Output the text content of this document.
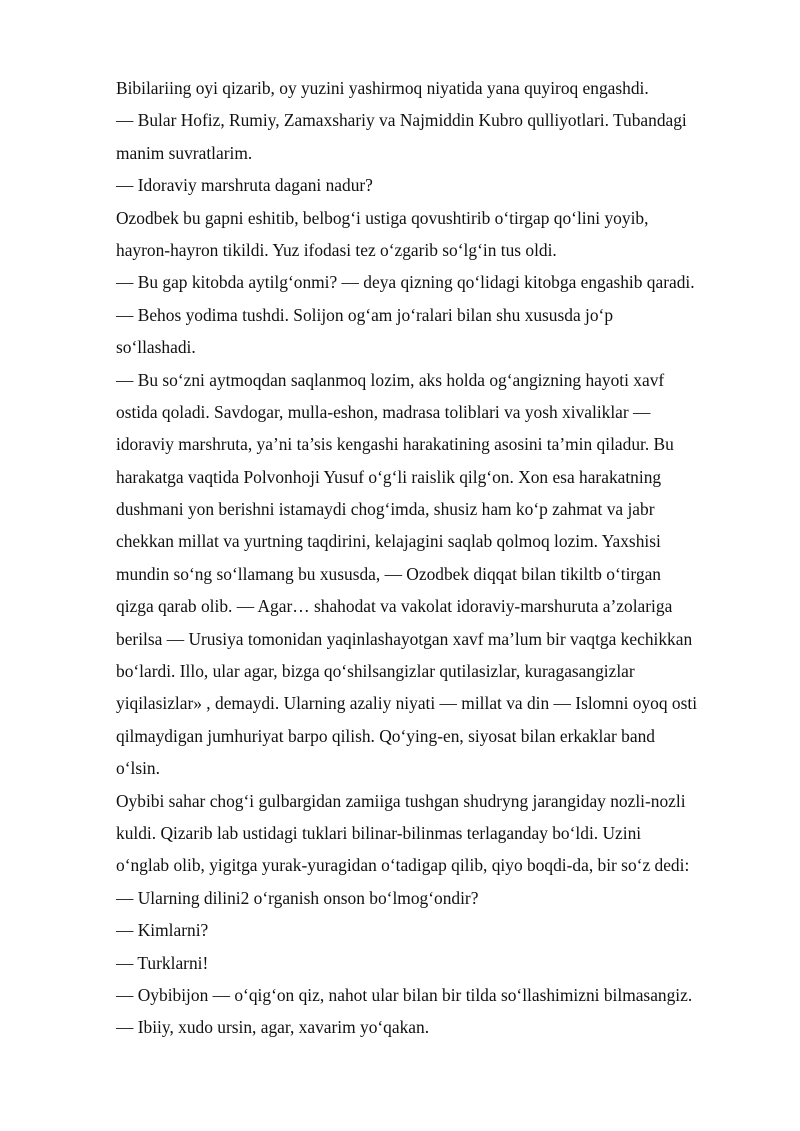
Bibilariing oyi qizarib, oy yuzini yashirmoq niyatida yana quyiroq engashdi.

— Bular Hofiz, Rumiy, Zamaxshariy va Najmiddin Kubro qulliyotlari. Tubandagi
manim suvratlarim.

— Idoraviy marshruta dagani nadur?

Ozodbek bu gapni eshitib, belbog‘i ustiga qovushtirib o‘tirgap qo‘lini yoyib,
hayron-hayron tikildi. Yuz ifodasi tez o‘zgarib so‘lg‘in tus oldi.

— Bu gap kitobda aytilg‘onmi? — deya qizning qo‘lidagi kitobga engashib qaradi.

— Behos yodima tushdi. Solijon og‘am jo‘ralari bilan shu xususda jo‘p
so‘llashadi.

— Bu so‘zni aytmoqdan saqlanmoq lozim, aks holda og‘angizning hayoti xavf
ostida qoladi. Savdogar, mulla-eshon, madrasa toliblari va yosh xivaliklar —
idoraviy marshruta, ya’ni ta’sis kengashi harakatining asosini ta’min qiladur. Bu
harakatga vaqtida Polvonhoji Yusuf o‘g‘li raislik qilg‘on. Xon esa harakatning
dushmani yon berishni istamaydi chog‘imda, shusiz ham ko‘p zahmat va jabr
chekkan millat va yurtning taqdirini, kelajagini saqlab qolmoq lozim. Yaxshisi
mundin so‘ng so‘llamang bu xususda, — Ozodbek diqqat bilan tikiltb o‘tirgan
qizga qarab olib. — Agar… shahodat va vakolat idoraviy-marshuruta a’zolariga
berilsa — Urusiya tomonidan yaqinlashayotgan xavf ma’lum bir vaqtga kechikkan
bo‘lardi. Illo, ular agar, bizga qo‘shilsangizlar qutilasizlar, kuragasangizlar
yiqilasizlar» , demaydi. Ularning azaliy niyati — millat va din — Islomni oyoq osti
qilmaydigan jumhuriyat barpo qilish. Qo‘ying-en, siyosat bilan erkaklar band
o‘lsin.

Oybibi sahar chog‘i gulbargidan zamiiga tushgan shudryng jarangiday nozli-nozli
kuldi. Qizarib lab ustidagi tuklari bilinar-bilinmas terlaganday bo‘ldi. Uzini
o‘nglab olib, yigitga yurak-yuragidan o‘tadigap qilib, qiyo boqdi-da, bir so‘z dedi:

— Ularning dilini2 o‘rganish onson bo‘lmog‘ondir?

— Kimlarni?

— Turklarni!

— Oybibijon — o‘qig‘on qiz, nahot ular bilan bir tilda so‘llashimizni bilmasangiz.

— Ibiiy, xudo ursin, agar, xavarim yo‘qakan.
